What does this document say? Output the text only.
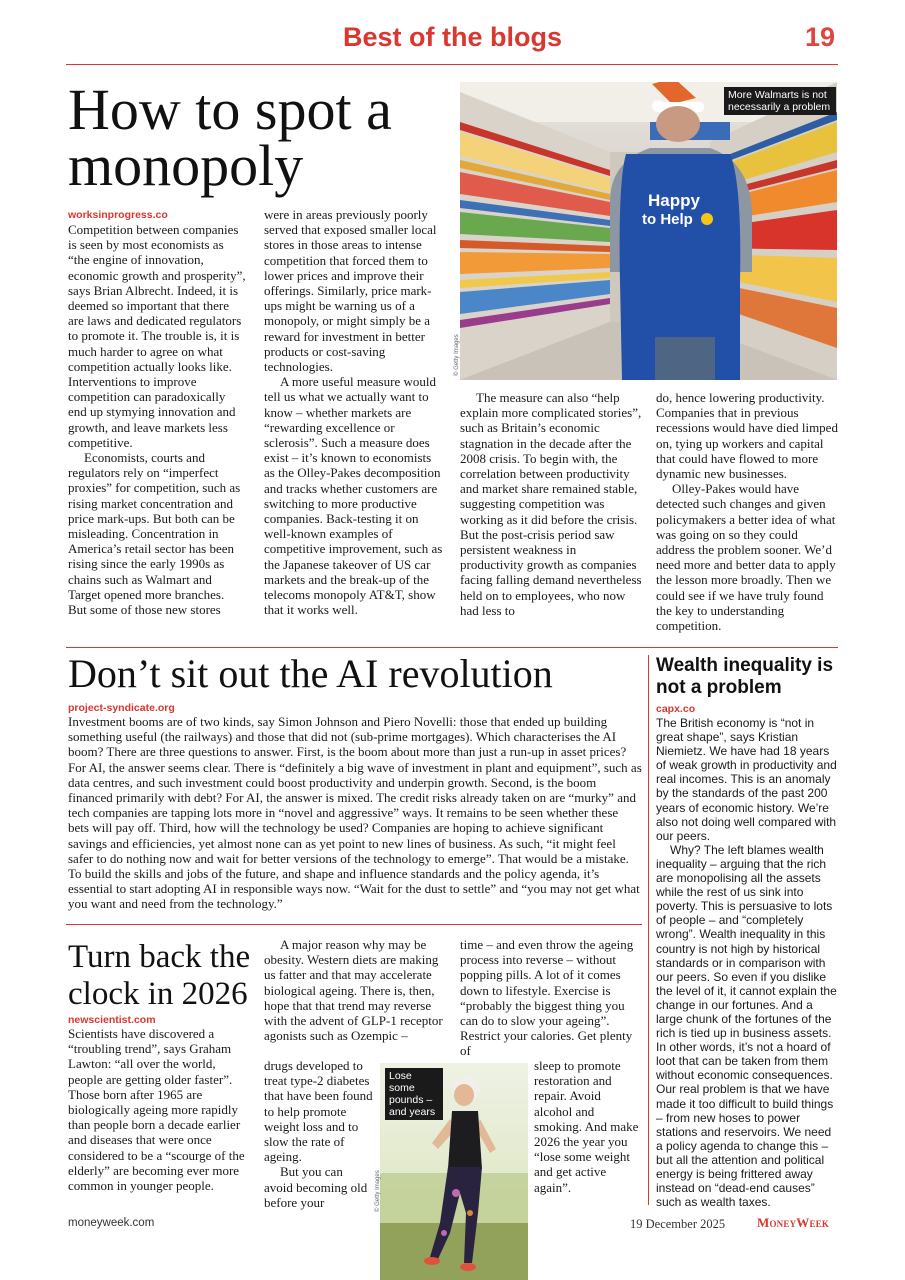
Best of the blogs	19
How to spot a monopoly
worksinprogress.co

Competition between companies is seen by most economists as “the engine of innovation, economic growth and prosperity”, says Brian Albrecht. Indeed, it is deemed so important that there are laws and dedicated regulators to promote it. The trouble is, it is much harder to agree on what competition actually looks like. Interventions to improve competition can paradoxically end up stymying innovation and growth, and leave markets less competitive.

Economists, courts and regulators rely on “imperfect proxies” for competition, such as rising market concentration and price mark-ups. But both can be misleading. Concentration in America’s retail sector has been rising since the early 1990s as chains such as Walmart and Target opened more branches. But some of those new stores

were in areas previously poorly served that exposed smaller local stores in those areas to intense competition that forced them to lower prices and improve their offerings. Similarly, price mark-ups might be warning us of a monopoly, or might simply be a reward for investment in better products or cost-saving technologies.

A more useful measure would tell us what we actually want to know – whether markets are “rewarding excellence or sclerosis”. Such a measure does exist – it’s known to economists as the Olley-Pakes decomposition and tracks whether customers are switching to more productive companies. Back-testing it on well-known examples of competitive improvement, such as the Japanese takeover of US car markets and the break-up of the telecoms monopoly AT&T, show that it works well.

Happy
to Help
More Walmarts is not necessarily a problem
© Getty Images

The measure can also “help explain more complicated stories”, such as Britain’s economic stagnation in the decade after the 2008 crisis. To begin with, the correlation between productivity and market share remained stable, suggesting competition was working as it did before the crisis. But the post-crisis period saw persistent weakness in productivity growth as companies facing falling demand nevertheless held on to employees, who now had less to

do, hence lowering productivity. Companies that in previous recessions would have died limped on, tying up workers and capital that could have flowed to more dynamic new businesses.

Olley-Pakes would have detected such changes and given policymakers a better idea of what was going on so they could address the problem sooner. We’d need more and better data to apply the lesson more broadly. Then we could see if we have truly found the key to understanding competition.

Don’t sit out the AI revolution
project-syndicate.org

Investment booms are of two kinds, say Simon Johnson and Piero Novelli: those that ended up building something useful (the railways) and those that did not (sub-prime mortgages). Which characterises the AI boom? There are three questions to answer. First, is the boom about more than just a run-up in asset prices? For AI, the answer seems clear. There is “definitely a big wave of investment in plant and equipment”, such as data centres, and such investment could boost productivity and underpin growth. Second, is the boom financed primarily with debt? For AI, the answer is mixed. The credit risks already taken on are “murky” and tech companies are tapping lots more in “novel and aggressive” ways. It remains to be seen whether these bets will pay off. Third, how will the technology be used? Companies are hoping to achieve significant savings and efficiencies, yet almost none can as yet point to new lines of business. As such, “it might feel safer to do nothing now and wait for better versions of the technology to emerge”. That would be a mistake. To build the skills and jobs of the future, and shape and influence standards and the policy agenda, it’s essential to start adopting AI in responsible ways now. “Wait for the dust to settle” and “you may not get what you want and need from the technology.”

Wealth inequality is not a problem
capx.co

The British economy is “not in great shape”, says Kristian Niemietz. We have had 18 years of weak growth in productivity and real incomes. This is an anomaly by the standards of the past 200 years of economic history. We’re also not doing well compared with our peers.

Why? The left blames wealth inequality – arguing that the rich are monopolising all the assets while the rest of us sink into poverty. This is persuasive to lots of people – and “completely wrong”. Wealth inequality in this country is not high by historical standards or in comparison with our peers. So even if you dislike the level of it, it cannot explain the change in our fortunes. And a large chunk of the fortunes of the rich is tied up in business assets. In other words, it’s not a hoard of loot that can be taken from them without economic consequences. Our real problem is that we have made it too difficult to build things – from new hoses to power stations and reservoirs. We need a policy agenda to change this – but all the attention and political energy is being frittered away instead on “dead-end causes” such as wealth taxes.

Turn back the clock in 2026
newscientist.com

Scientists have discovered a “troubling trend”, says Graham Lawton: “all over the world, people are getting older faster”. Those born after 1965 are biologically ageing more rapidly than people born a decade earlier and diseases that were once considered to be a “scourge of the elderly” are becoming ever more common in younger people.

A major reason why may be obesity. Western diets are making us fatter and that may accelerate biological ageing. There is, then, hope that that trend may reverse with the advent of GLP-1 receptor agonists such as Ozempic –

drugs developed to treat type-2 diabetes that have been found to help promote weight loss and to slow the rate of ageing.

But you can avoid becoming old before your

time – and even throw the ageing process into reverse – without popping pills. A lot of it comes down to lifestyle. Exercise is “probably the biggest thing you can do to slow your ageing”. Restrict your calories. Get plenty of

sleep to promote restoration and repair. Avoid alcohol and smoking. And make 2026 the year you “lose some weight and get active again”.

Lose some pounds – and years
© Getty Images
moneyweek.com	19 December 2025 MoneyWeek
